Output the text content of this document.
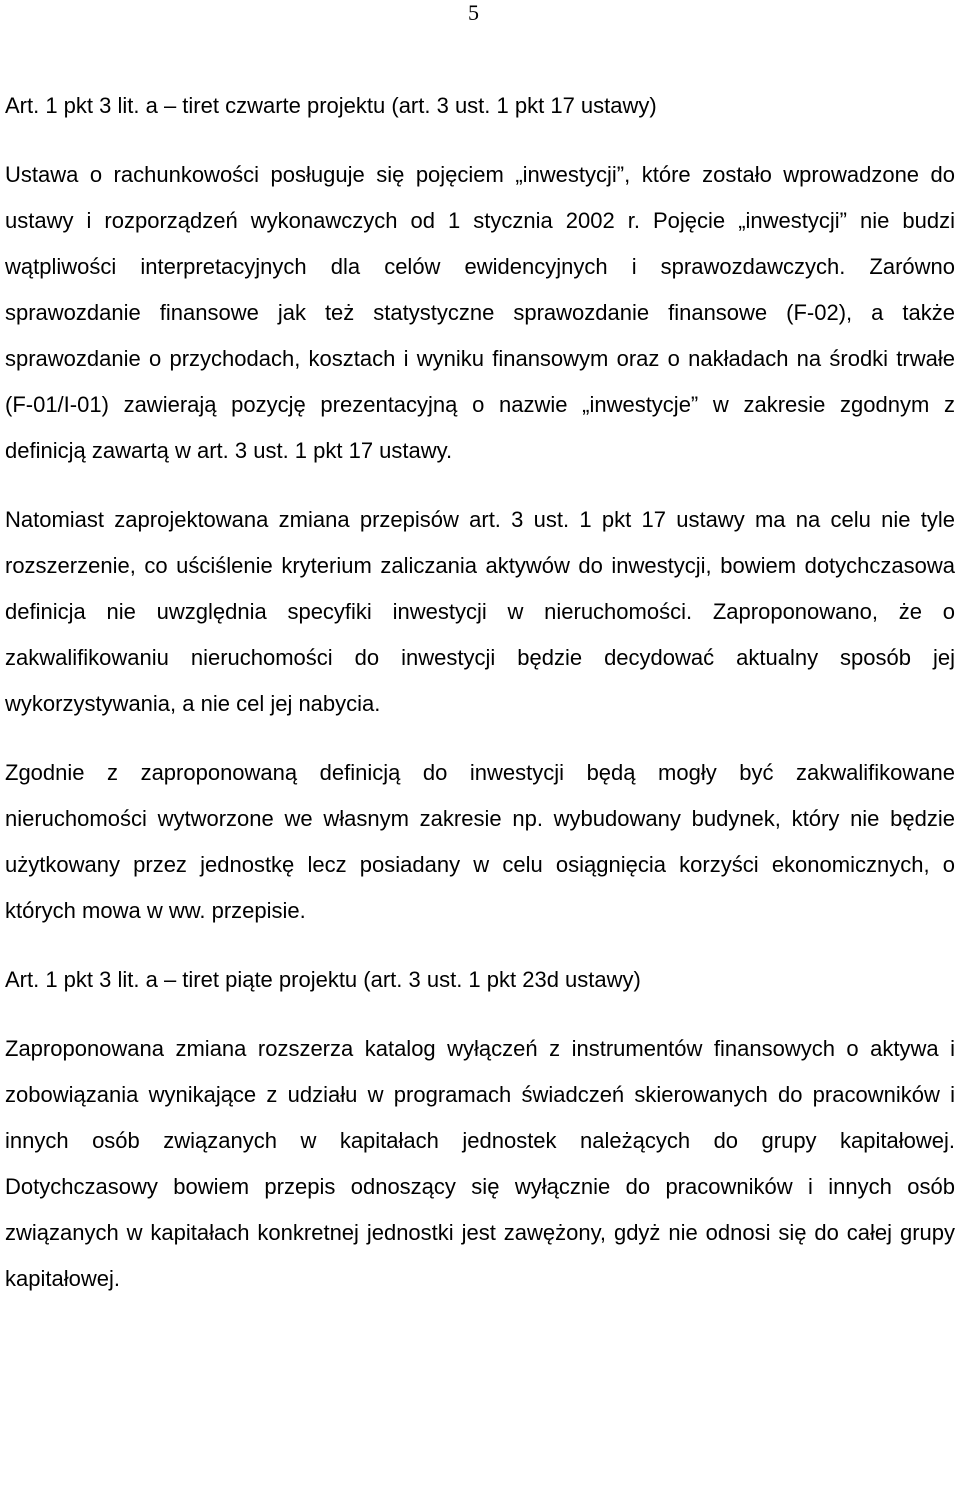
5

Art. 1 pkt 3 lit. a – tiret czwarte projektu (art. 3 ust. 1 pkt 17 ustawy)

Ustawa o rachunkowości posługuje się pojęciem „inwestycji”, które zostało wprowadzone do ustawy i rozporządzeń wykonawczych od 1 stycznia 2002 r. Pojęcie „inwestycji” nie budzi wątpliwości interpretacyjnych dla celów ewidencyjnych i sprawozdawczych. Zarówno sprawozdanie finansowe jak też statystyczne sprawozdanie finansowe (F-02), a także sprawozdanie o przychodach, kosztach i wyniku finansowym oraz o nakładach na środki trwałe (F-01/I-01) zawierają pozycję prezentacyjną o nazwie „inwestycje” w zakresie zgodnym z definicją zawartą w art. 3 ust. 1 pkt 17 ustawy.

Natomiast zaprojektowana zmiana przepisów art. 3 ust. 1 pkt 17 ustawy ma na celu nie tyle rozszerzenie, co uściślenie kryterium zaliczania aktywów do inwestycji, bowiem dotychczasowa definicja nie uwzględnia specyfiki inwestycji w nieruchomości. Zaproponowano, że o zakwalifikowaniu nieruchomości do inwestycji będzie decydować aktualny sposób jej wykorzystywania, a nie cel jej nabycia.

Zgodnie z zaproponowaną definicją do inwestycji będą mogły być zakwalifikowane nieruchomości wytworzone we własnym zakresie np. wybudowany budynek, który nie będzie użytkowany przez jednostkę lecz posiadany w celu osiągnięcia korzyści ekonomicznych, o których mowa w ww. przepisie.

Art. 1 pkt 3 lit. a – tiret piąte projektu (art. 3 ust. 1 pkt 23d ustawy)

Zaproponowana zmiana rozszerza katalog wyłączeń z instrumentów finansowych o aktywa i zobowiązania wynikające z udziału w programach świadczeń skierowanych do pracowników i innych osób związanych w kapitałach jednostek należących do grupy kapitałowej. Dotychczasowy bowiem przepis odnoszący się wyłącznie do pracowników i innych osób związanych w kapitałach konkretnej jednostki jest zawężony, gdyż nie odnosi się do całej grupy kapitałowej.
